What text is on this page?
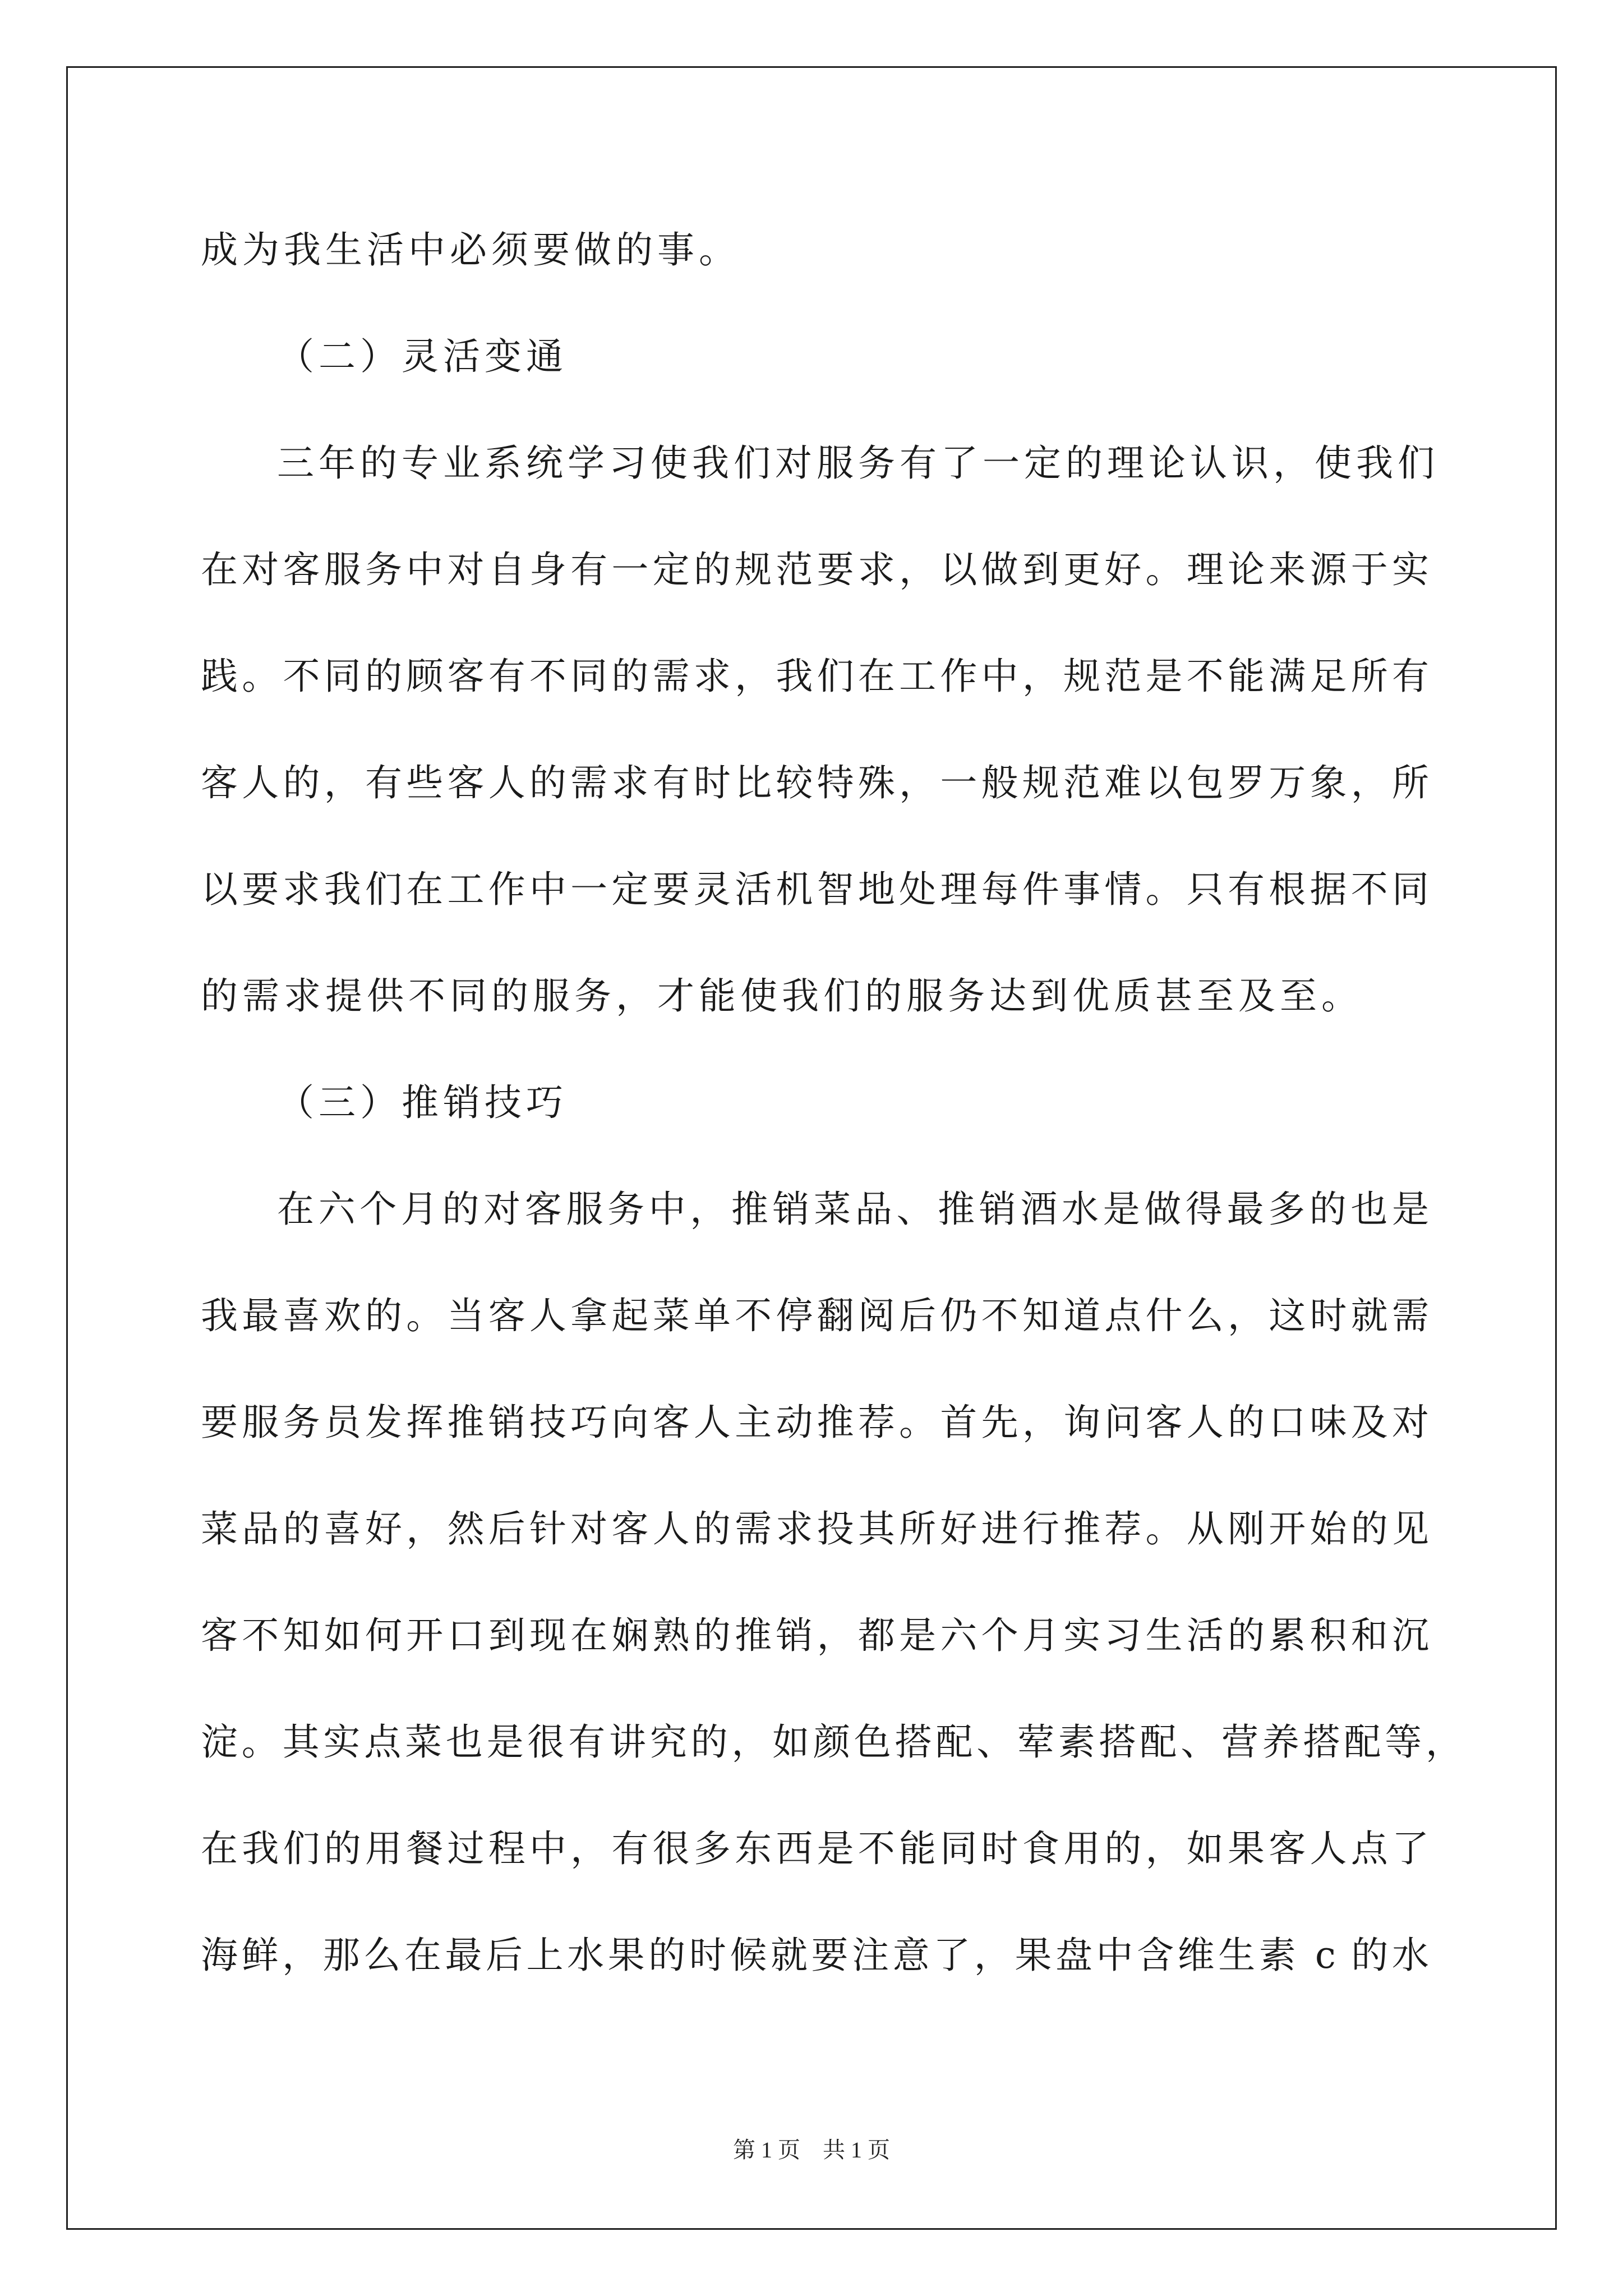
成为我生活中必须要做的事。
（二）灵活变通
三年的专业系统学习使我们对服务有了一定的理论认识，使我们
在对客服务中对自身有一定的规范要求，以做到更好。理论来源于实
践。不同的顾客有不同的需求，我们在工作中，规范是不能满足所有
客人的，有些客人的需求有时比较特殊，一般规范难以包罗万象，所
以要求我们在工作中一定要灵活机智地处理每件事情。只有根据不同
的需求提供不同的服务，才能使我们的服务达到优质甚至及至。
（三）推销技巧
在六个月的对客服务中，推销菜品、推销酒水是做得最多的也是
我最喜欢的。当客人拿起菜单不停翻阅后仍不知道点什么，这时就需
要服务员发挥推销技巧向客人主动推荐。首先，询问客人的口味及对
菜品的喜好，然后针对客人的需求投其所好进行推荐。从刚开始的见
客不知如何开口到现在娴熟的推销，都是六个月实习生活的累积和沉
淀。其实点菜也是很有讲究的，如颜色搭配、荤素搭配、营养搭配等，
在我们的用餐过程中，有很多东西是不能同时食用的，如果客人点了
海鲜，那么在最后上水果的时候就要注意了，果盘中含维生素 c 的水
第 1 页 共 1 页
